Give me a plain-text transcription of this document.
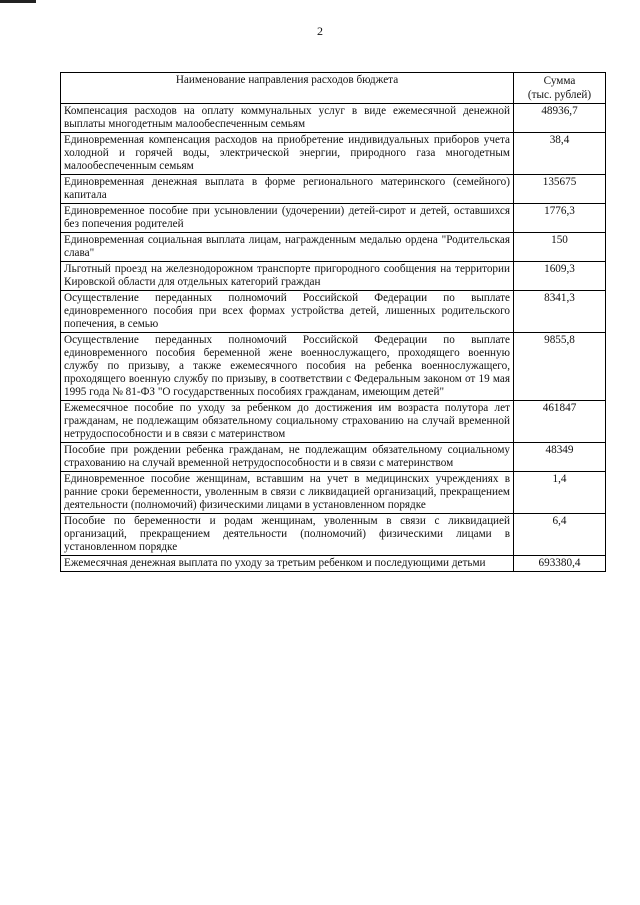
2
Наименование направления расходов бюджета	Сумма
(тыс. рублей)
Компенсация расходов на оплату коммунальных услуг в виде ежемесячной денежной выплаты многодетным малообеспеченным семьям	48936,7
Единовременная компенсация расходов на приобретение индивидуальных приборов учета холодной и горячей воды, электрической энергии, природного газа многодетным малообеспеченным семьям	38,4
Единовременная денежная выплата в форме регионального материнского (семейного) капитала	135675
Единовременное пособие при усыновлении (удочерении) детей-сирот и детей, оставшихся без попечения родителей	1776,3
Единовременная социальная выплата лицам, награжденным медалью ордена "Родительская слава"	150
Льготный проезд на железнодорожном транспорте пригородного сообщения на территории Кировской области для отдельных категорий граждан	1609,3
Осуществление переданных полномочий Российской Федерации по выплате единовременного пособия при всех формах устройства детей, лишенных родительского попечения, в семью	8341,3
Осуществление переданных полномочий Российской Федерации по выплате единовременного пособия беременной жене военнослужащего, проходящего военную службу по призыву, а также ежемесячного пособия на ребенка военнослужащего, проходящего военную службу по призыву, в соответствии с Федеральным законом от 19 мая 1995 года № 81-ФЗ "О государственных пособиях гражданам, имеющим детей"	9855,8
Ежемесячное пособие по уходу за ребенком до достижения им возраста полутора лет гражданам, не подлежащим обязательному социальному страхованию на случай временной нетрудоспособности и в связи с материнством	461847
Пособие при рождении ребенка гражданам, не подлежащим обязательному социальному страхованию на случай временной нетрудоспособности и в связи с материнством	48349
Единовременное пособие женщинам, вставшим на учет в медицинских учреждениях в ранние сроки беременности, уволенным в связи с ликвидацией организаций, прекращением деятельности (полномочий) физическими лицами в установленном порядке	1,4
Пособие по беременности и родам женщинам, уволенным в связи с ликвидацией организаций, прекращением деятельности (полномочий) физическими лицами в установленном порядке	6,4
Ежемесячная денежная выплата по уходу за третьим ребенком и последующими детьми	693380,4
